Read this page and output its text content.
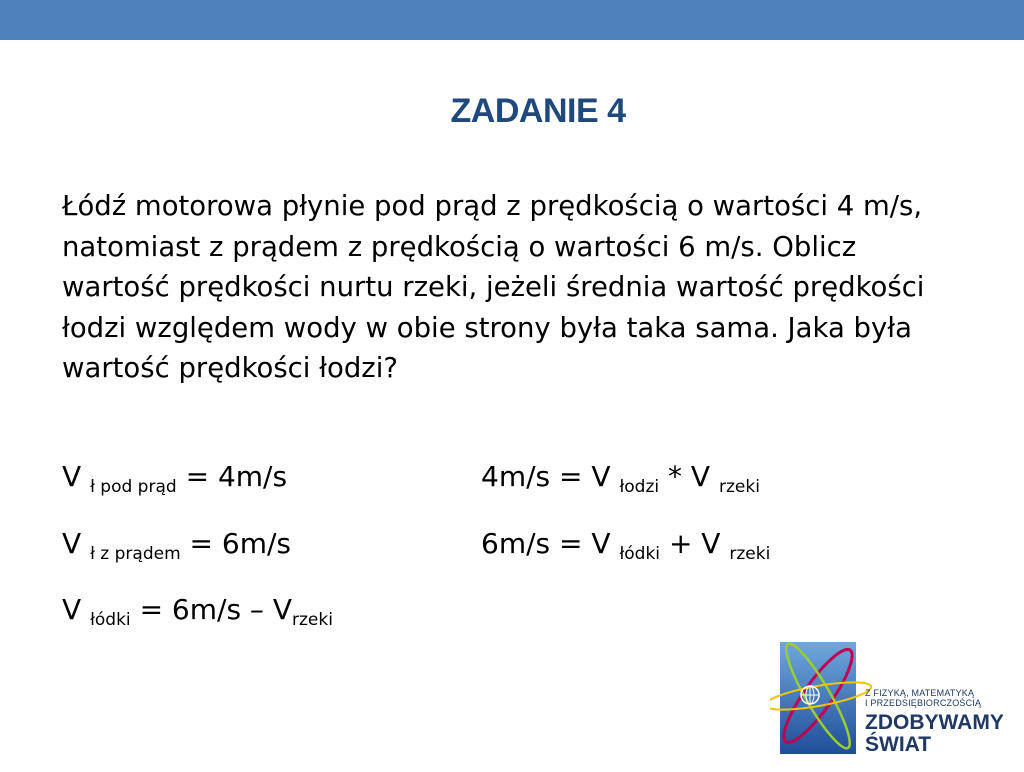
ZADANIE 4
Łódź motorowa płynie pod prąd z prędkością o wartości 4 m/s, natomiast z prądem z prędkością o wartości 6 m/s. Oblicz wartość prędkości nurtu rzeki, jeżeli średnia wartość prędkości łodzi względem wody w obie strony była taka sama. Jaka była wartość prędkości łodzi?
V $_{ł pod prąd}$ = 4m/s
V $_{ł z prądem}$ = 6m/s
V $_{łódki} = 6m/s - V_{rzeki}$
4m/s = V $_{łodzi}$ * V $_{rzeki}$
6m/s = V $_{łódki}$ + V $_{rzeki}$
Z FIZYKĄ, MATEMATYKĄ
I PRZEDSIĘBIORCZOŚCIĄ
ZDOBYWAMY
ŚWIAT
